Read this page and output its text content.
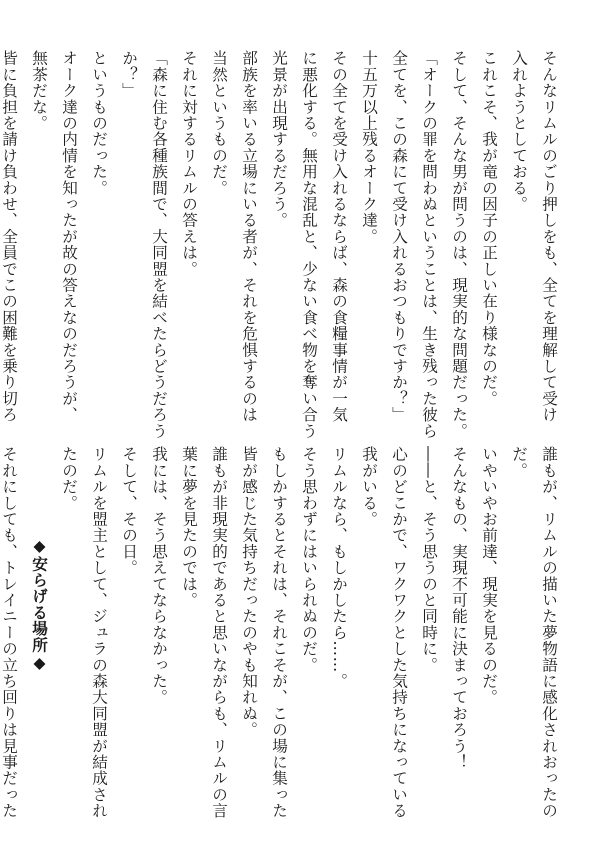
そんなリムルのごり押しをも、全てを理解して受け
入れようとしておる。
これこそ、我が竜の因子の正しい在り様なのだ。
そして、そんな男が問うのは、現実的な問題だった。
「オークの罪を問わぬということは、生き残った彼ら
全てを、この森にて受け入れるおつもりですか？」
十五万以上残るオーク達。
その全てを受け入れるならば、森の食糧事情が一気
に悪化する。無用な混乱と、少ない食べ物を奪い合う
光景が出現するだろう。
部族を率いる立場にいる者が、それを危惧するのは
当然というものだ。
それに対するリムルの答えは。
「森に住む各種族間で、大同盟を結べたらどうだろう
か？」
というものだった。
オーク達の内情を知ったが故の答えなのだろうが、
無茶だな。
皆に負担を請け負わせ、全員でこの困難を乗り切ろ
誰もが、リムルの描いた夢物語に感化されおったの
だ。
いやいやお前達、現実を見るのだ。
そんなもの、実現不可能に決まっておろう！
――と、そう思うのと同時に。
心のどこかで、ワクワクとした気持ちになっている
我がいる。
リムルなら、もしかしたら……。
そう思わずにはいられぬのだ。
もしかするとそれは、それこそが、この場に集った
皆が感じた気持ちだったのやも知れぬ。
誰もが非現実的であると思いながらも、リムルの言
葉に夢を見たのでは。
我には、そう思えてならなかった。
そして、その日。
リムルを盟主として、ジュラの森大同盟が結成され
たのだ。
◆安らげる場所◆
それにしても、トレイニーの立ち回りは見事だった
